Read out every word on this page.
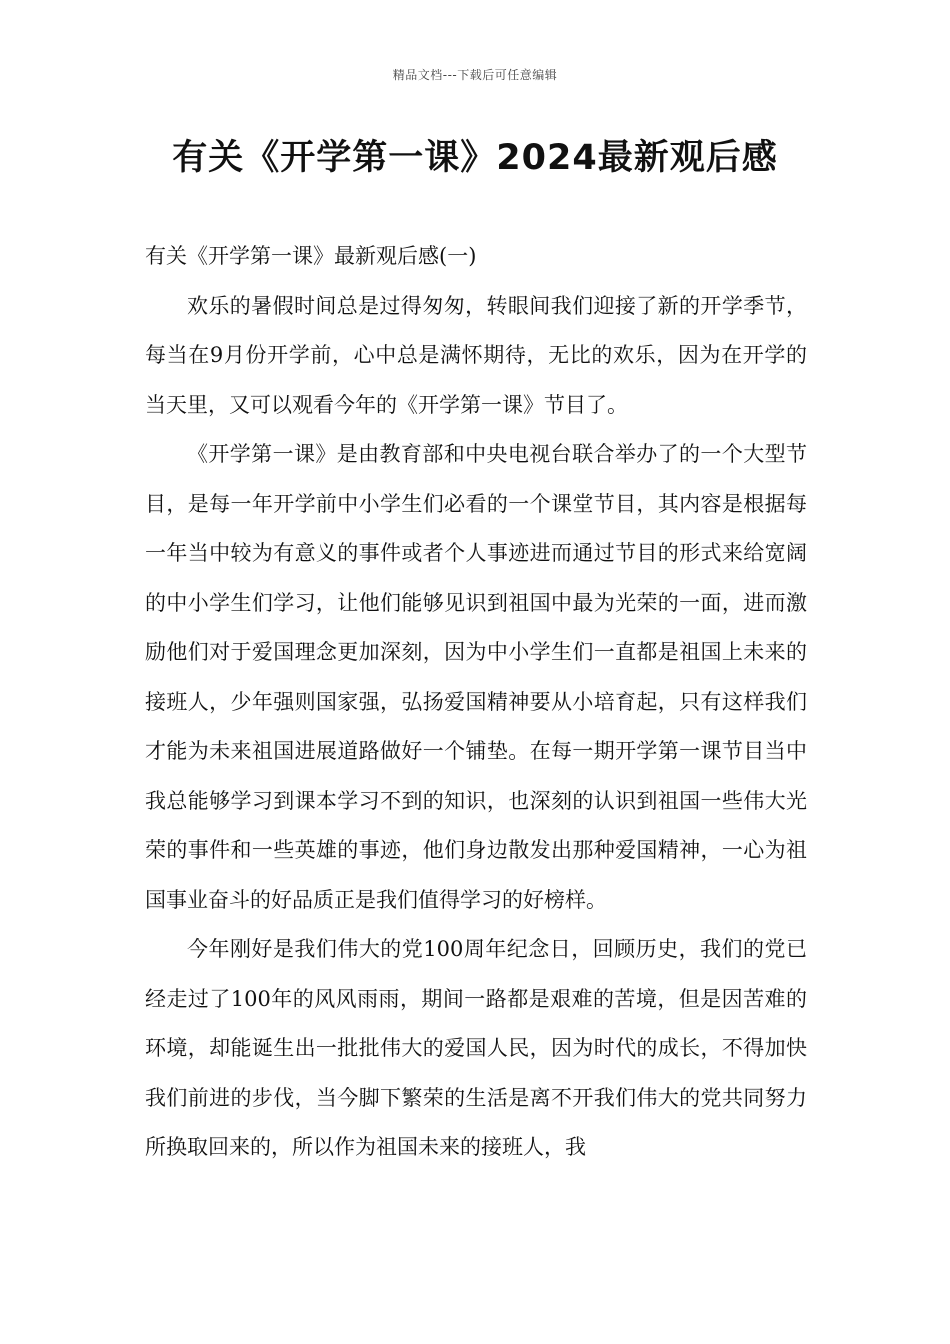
精品文档---下载后可任意编辑
有关《开学第一课》2024最新观后感

有关《开学第一课》最新观后感(一)

欢乐的暑假时间总是过得匆匆，转眼间我们迎接了新的开学季节，每当在9月份开学前，心中总是满怀期待，无比的欢乐，因为在开学的当天里，又可以观看今年的《开学第一课》节目了。

《开学第一课》是由教育部和中央电视台联合举办了的一个大型节目，是每一年开学前中小学生们必看的一个课堂节目，其内容是根据每一年当中较为有意义的事件或者个人事迹进而通过节目的形式来给宽阔的中小学生们学习，让他们能够见识到祖国中最为光荣的一面，进而激励他们对于爱国理念更加深刻，因为中小学生们一直都是祖国上未来的接班人，少年强则国家强，弘扬爱国精神要从小培育起，只有这样我们才能为未来祖国进展道路做好一个铺垫。在每一期开学第一课节目当中我总能够学习到课本学习不到的知识，也深刻的认识到祖国一些伟大光荣的事件和一些英雄的事迹，他们身边散发出那种爱国精神，一心为祖国事业奋斗的好品质正是我们值得学习的好榜样。

今年刚好是我们伟大的党100周年纪念日，回顾历史，我们的党已经走过了100年的风风雨雨，期间一路都是艰难的苦境，但是因苦难的环境，却能诞生出一批批伟大的爱国人民，因为时代的成长，不得加快我们前进的步伐，当今脚下繁荣的生活是离不开我们伟大的党共同努力所换取回来的，所以作为祖国未来的接班人，我
